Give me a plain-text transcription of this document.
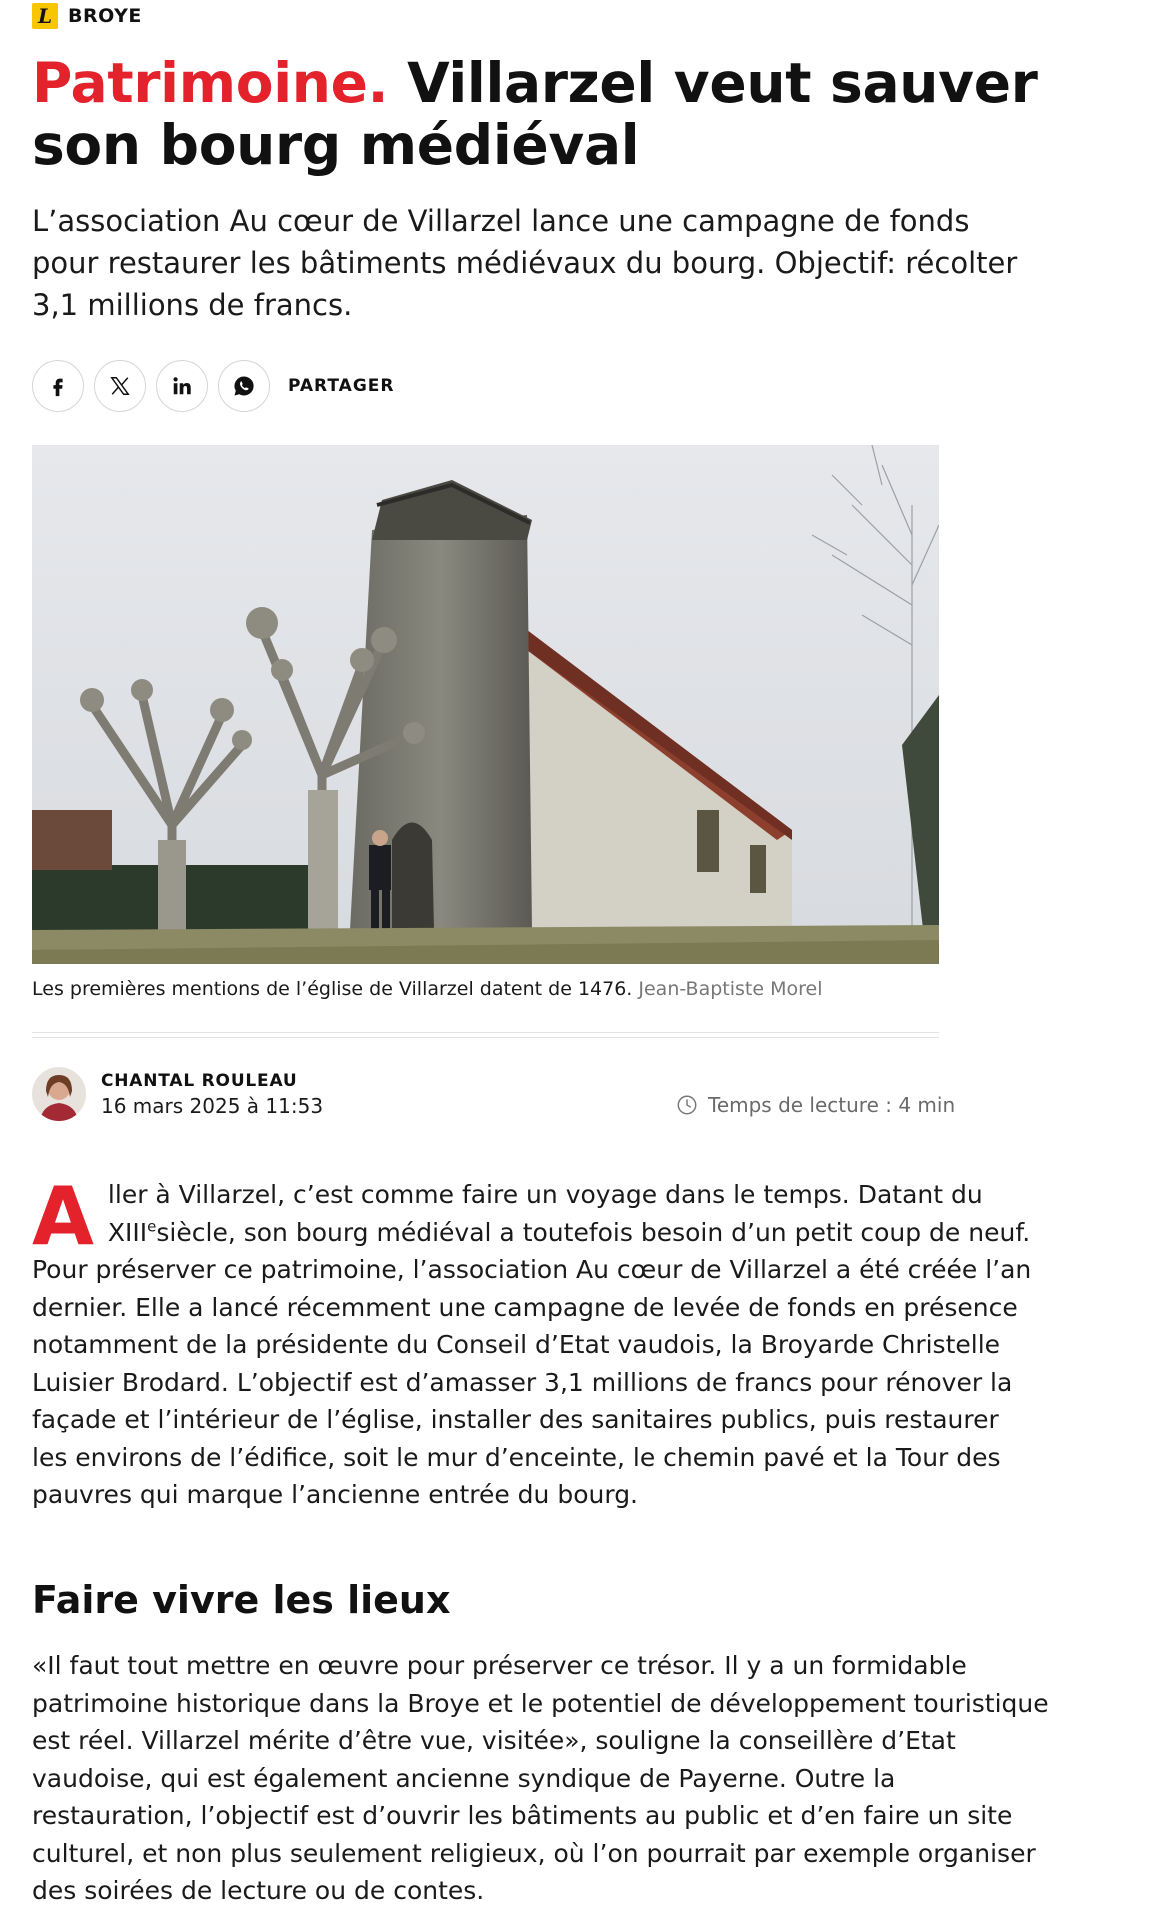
L BROYE
Patrimoine. Villarzel veut sauver son bourg médiéval

L’association Au cœur de Villarzel lance une campagne de fonds pour restaurer les bâtiments médiévaux du bourg. Objectif: récolter 3,1 millions de francs.

PARTAGER

Les premières mentions de l’église de Villarzel datent de 1476. Jean-Baptiste Morel

CHANTAL ROULEAU
16 mars 2025 à 11:53	Temps de lecture : 4 min

Aller à Villarzel, c’est comme faire un voyage dans le temps. Datant du XIIIesiècle, son bourg médiéval a toutefois besoin d’un petit coup de neuf. Pour préserver ce patrimoine, l’association Au cœur de Villarzel a été créée l’an dernier. Elle a lancé récemment une campagne de levée de fonds en présence notamment de la présidente du Conseil d’Etat vaudois, la Broyarde Christelle Luisier Brodard. L’objectif est d’amasser 3,1 millions de francs pour rénover la façade et l’intérieur de l’église, installer des sanitaires publics, puis restaurer les environs de l’édifice, soit le mur d’enceinte, le chemin pavé et la Tour des pauvres qui marque l’ancienne entrée du bourg.

Faire vivre les lieux

«Il faut tout mettre en œuvre pour préserver ce trésor. Il y a un formidable patrimoine historique dans la Broye et le potentiel de développement touristique est réel. Villarzel mérite d’être vue, visitée», souligne la conseillère d’Etat vaudoise, qui est également ancienne syndique de Payerne. Outre la restauration, l’objectif est d’ouvrir les bâtiments au public et d’en faire un site culturel, et non plus seulement religieux, où l’on pourrait par exemple organiser des soirées de lecture ou de contes.
